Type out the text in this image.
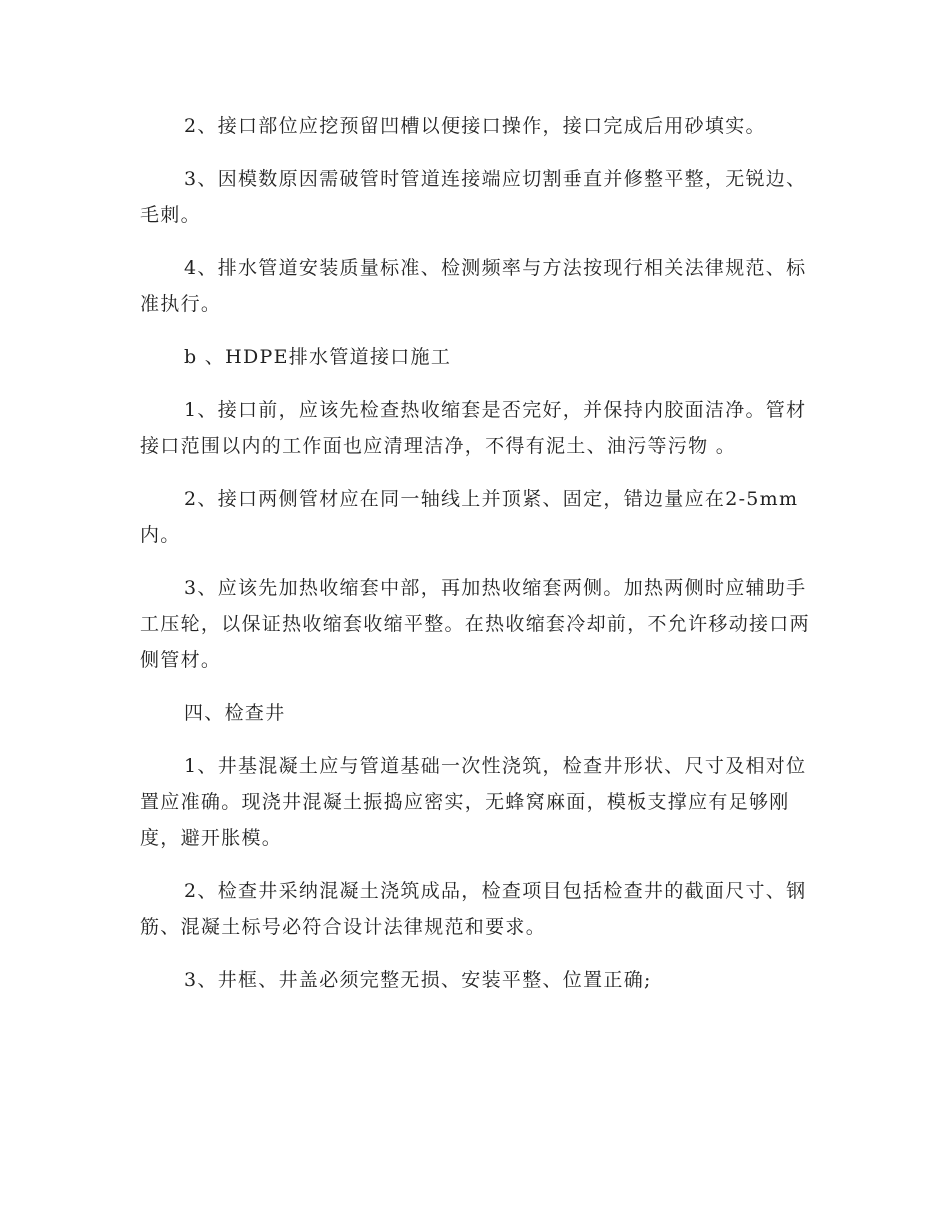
2、接口部位应挖预留凹槽以便接口操作，接口完成后用砂填实。

3、因模数原因需破管时管道连接端应切割垂直并修整平整，无锐边、毛刺。

4、排水管道安装质量标准、检测频率与方法按现行相关法律规范、标准执行。

b 、HDPE排水管道接口施工

1、接口前，应该先检查热收缩套是否完好，并保持内胶面洁净。管材接口范围以内的工作面也应清理洁净，不得有泥土、油污等污物 。

2、接口两侧管材应在同一轴线上并顶紧、固定，错边量应在2-5mm内。

3、应该先加热收缩套中部，再加热收缩套两侧。加热两侧时应辅助手工压轮，以保证热收缩套收缩平整。在热收缩套冷却前，不允许移动接口两侧管材。

四、检查井

1、井基混凝土应与管道基础一次性浇筑，检查井形状、尺寸及相对位置应准确。现浇井混凝土振捣应密实，无蜂窝麻面，模板支撑应有足够刚度，避开胀模。

2、检查井采纳混凝土浇筑成品，检查项目包括检查井的截面尺寸、钢筋、混凝土标号必符合设计法律规范和要求。

3、井框、井盖必须完整无损、安装平整、位置正确;
